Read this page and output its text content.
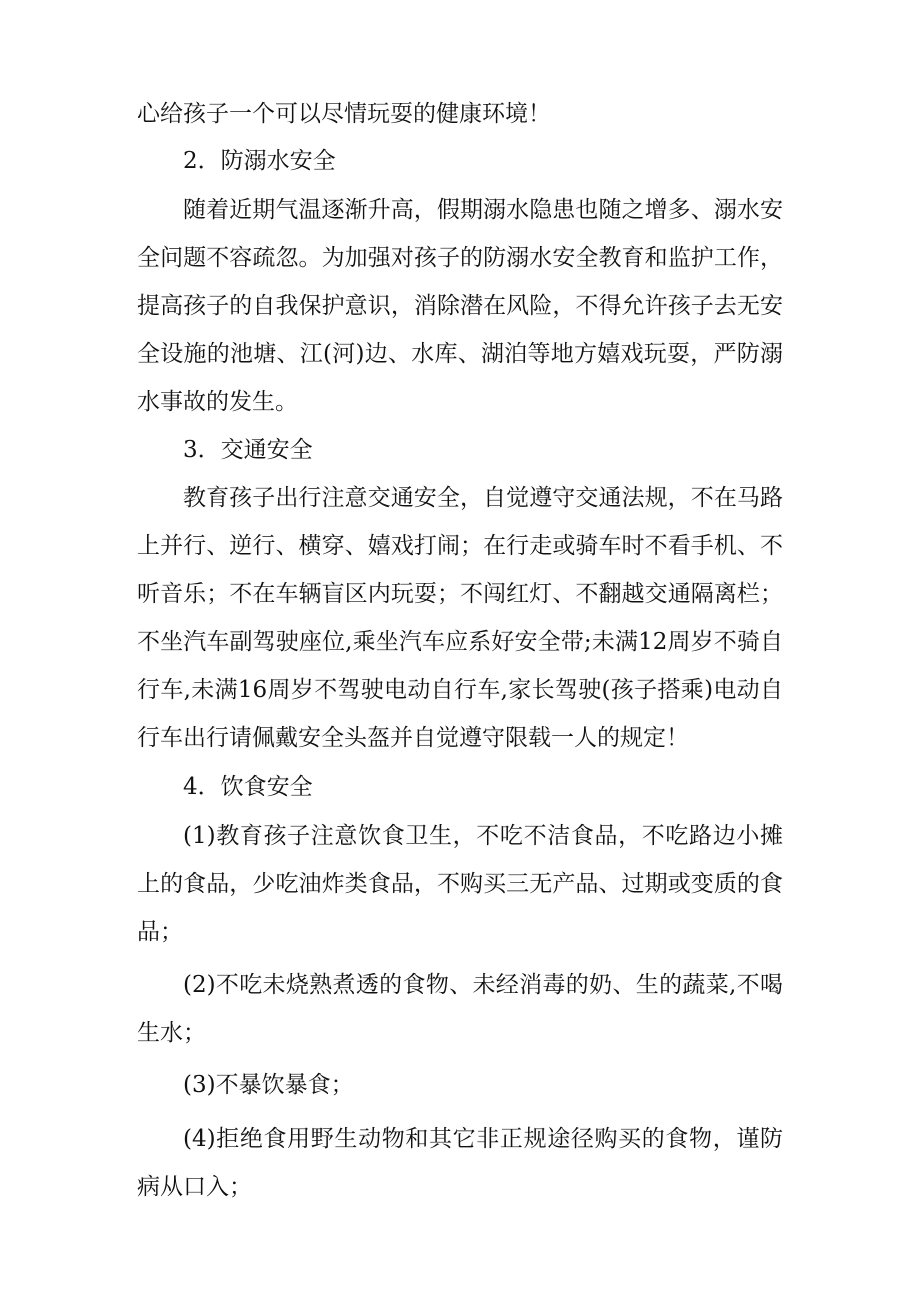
心给孩子一个可以尽情玩耍的健康环境！
2．防溺水安全
随着近期气温逐渐升高，假期溺水隐患也随之增多、溺水安
全问题不容疏忽。为加强对孩子的防溺水安全教育和监护工作，
提高孩子的自我保护意识，消除潜在风险，不得允许孩子去无安
全设施的池塘、江(河)边、水库、湖泊等地方嬉戏玩耍，严防溺
水事故的发生。
3．交通安全
教育孩子出行注意交通安全，自觉遵守交通法规，不在马路
上并行、逆行、横穿、嬉戏打闹；在行走或骑车时不看手机、不
听音乐；不在车辆盲区内玩耍；不闯红灯、不翻越交通隔离栏；
不坐汽车副驾驶座位,乘坐汽车应系好安全带;未满12周岁不骑自
行车,未满16周岁不驾驶电动自行车,家长驾驶(孩子搭乘)电动自
行车出行请佩戴安全头盔并自觉遵守限载一人的规定！
4．饮食安全
(1)教育孩子注意饮食卫生，不吃不洁食品，不吃路边小摊
上的食品，少吃油炸类食品，不购买三无产品、过期或变质的食
品；
(2)不吃未烧熟煮透的食物、未经消毒的奶、生的蔬菜,不喝
生水；
(3)不暴饮暴食；
(4)拒绝食用野生动物和其它非正规途径购买的食物，谨防
病从口入；
